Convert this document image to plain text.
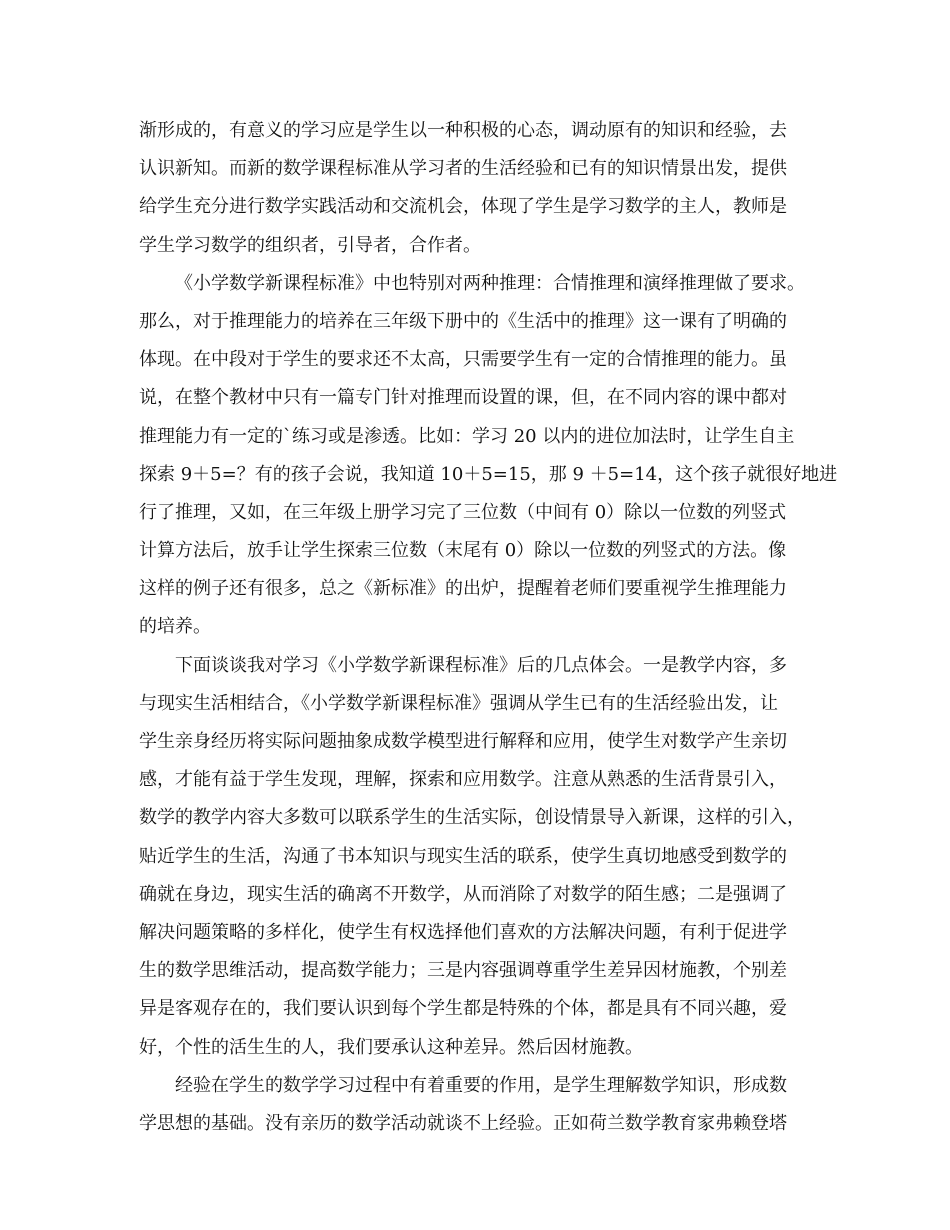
渐形成的，有意义的学习应是学生以一种积极的心态，调动原有的知识和经验，去
认识新知。而新的数学课程标准从学习者的生活经验和已有的知识情景出发，提供
给学生充分进行数学实践活动和交流机会，体现了学生是学习数学的主人，教师是
学生学习数学的组织者，引导者，合作者。
《小学数学新课程标准》中也特别对两种推理：合情推理和演绎推理做了要求。
那么，对于推理能力的培养在三年级下册中的《生活中的推理》这一课有了明确的
体现。在中段对于学生的要求还不太高，只需要学生有一定的合情推理的能力。虽
说，在整个教材中只有一篇专门针对推理而设置的课，但，在不同内容的课中都对
推理能力有一定的`练习或是渗透。比如：学习 20 以内的进位加法时，让学生自主
探索 9＋5=？有的孩子会说，我知道 10＋5=15，那 9 ＋5=14，这个孩子就很好地进
行了推理，又如，在三年级上册学习完了三位数（中间有 0）除以一位数的列竖式
计算方法后，放手让学生探索三位数（末尾有 0）除以一位数的列竖式的方法。像
这样的例子还有很多，总之《新标准》的出炉，提醒着老师们要重视学生推理能力
的培养。
下面谈谈我对学习《小学数学新课程标准》后的几点体会。一是教学内容，多
与现实生活相结合，《小学数学新课程标准》强调从学生已有的生活经验出发，让
学生亲身经历将实际问题抽象成数学模型进行解释和应用，使学生对数学产生亲切
感，才能有益于学生发现，理解，探索和应用数学。注意从熟悉的生活背景引入，
数学的教学内容大多数可以联系学生的生活实际，创设情景导入新课，这样的引入，
贴近学生的生活，沟通了书本知识与现实生活的联系，使学生真切地感受到数学的
确就在身边，现实生活的确离不开数学，从而消除了对数学的陌生感；二是强调了
解决问题策略的多样化，使学生有权选择他们喜欢的方法解决问题，有利于促进学
生的数学思维活动，提高数学能力；三是内容强调尊重学生差异因材施教，个别差
异是客观存在的，我们要认识到每个学生都是特殊的个体，都是具有不同兴趣，爱
好，个性的活生生的人，我们要承认这种差异。然后因材施教。
经验在学生的数学学习过程中有着重要的作用，是学生理解数学知识，形成数
学思想的基础。没有亲历的数学活动就谈不上经验。正如荷兰数学教育家弗赖登塔
